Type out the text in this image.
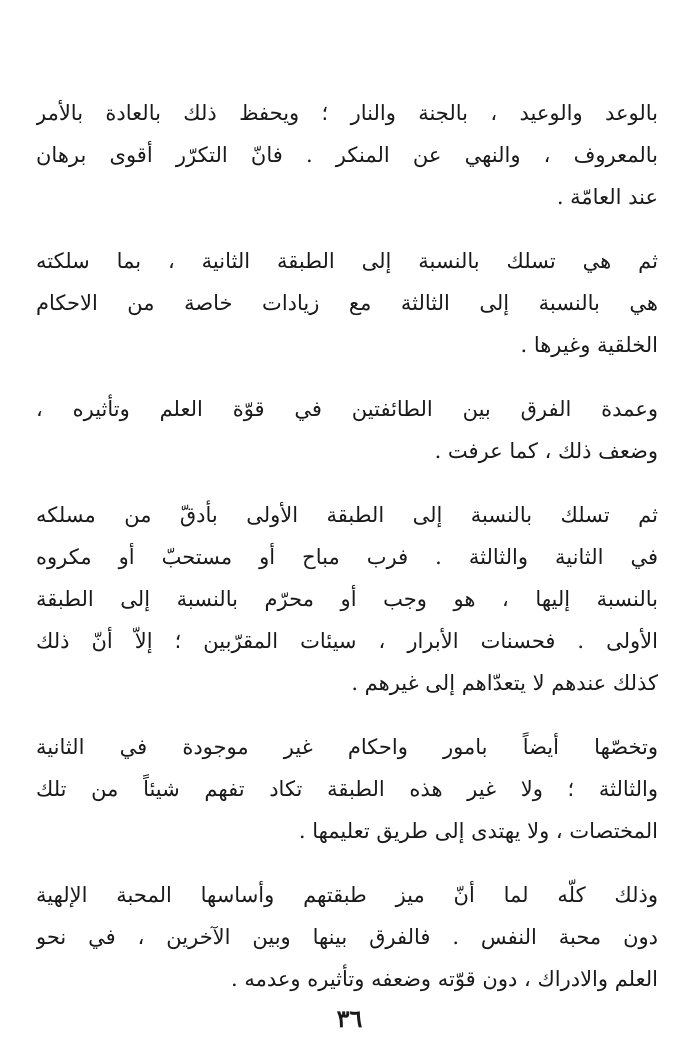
بالوعد والوعيد ، بالجنة والنار ؛ ويحفظ ذلك بالعادة بالأمر
بالمعروف ، والنهي عن المنكر . فانّ التكرّر أقوى برهان
عند العامّة .

ثم هي تسلك بالنسبة إلى الطبقة الثانية ، بما سلكته
هي بالنسبة إلى الثالثة مع زيادات خاصة من الاحكام
الخلقية وغيرها .

وعمدة الفرق بين الطائفتين في قوّة العلم وتأثيره ،
وضعف ذلك ، كما عرفت .

ثم تسلك بالنسبة إلى الطبقة الأولى بأدقّ من مسلكه
في الثانية والثالثة . فرب مباح أو مستحبّ أو مكروه
بالنسبة إليها ، هو وجب أو محرّم بالنسبة إلى الطبقة
الأولى . فحسنات الأبرار ، سيئات المقرّبين ؛ إلاّ أنّ ذلك
كذلك عندهم لا يتعدّاهم إلى غيرهم .

وتخصّها أيضاً بامور واحكام غير موجودة في الثانية
والثالثة ؛ ولا غير هذه الطبقة تكاد تفهم شيئاً من تلك
المختصات ، ولا يهتدى إلى طريق تعليمها .

وذلك كلّه لما أنّ ميز طبقتهم وأساسها المحبة الإلهية
دون محبة النفس . فالفرق بينها وبين الآخرين ، في نحو
العلم والادراك ، دون قوّته وضعفه وتأثيره وعدمه .

٣٦
